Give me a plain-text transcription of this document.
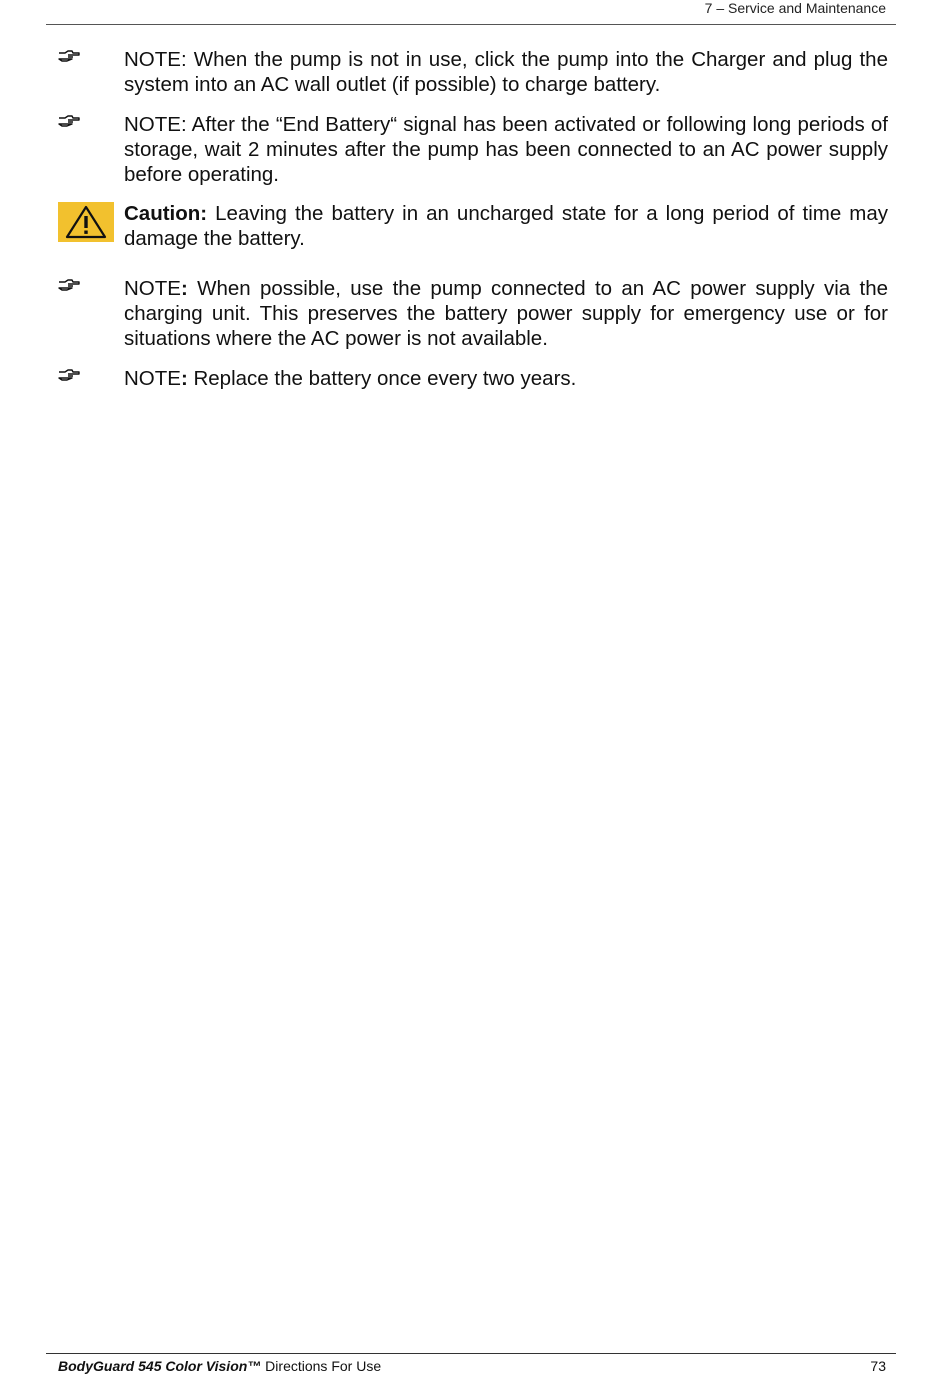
7 – Service and Maintenance
NOTE: When the pump is not in use, click the pump into the Charger and plug the system into an AC wall outlet (if possible) to charge battery.
NOTE: After the “End Battery“ signal has been activated or following long periods of storage, wait 2 minutes after the pump has been connected to an AC power supply before operating.
Caution: Leaving the battery in an uncharged state for a long period of time may damage the battery.
NOTE: When possible, use the pump connected to an AC power supply via the charging unit. This preserves the battery power supply for emergency use or for situations where the AC power is not available.
NOTE: Replace the battery once every two years.
BodyGuard 545 Color Vision™ Directions For Use	73
